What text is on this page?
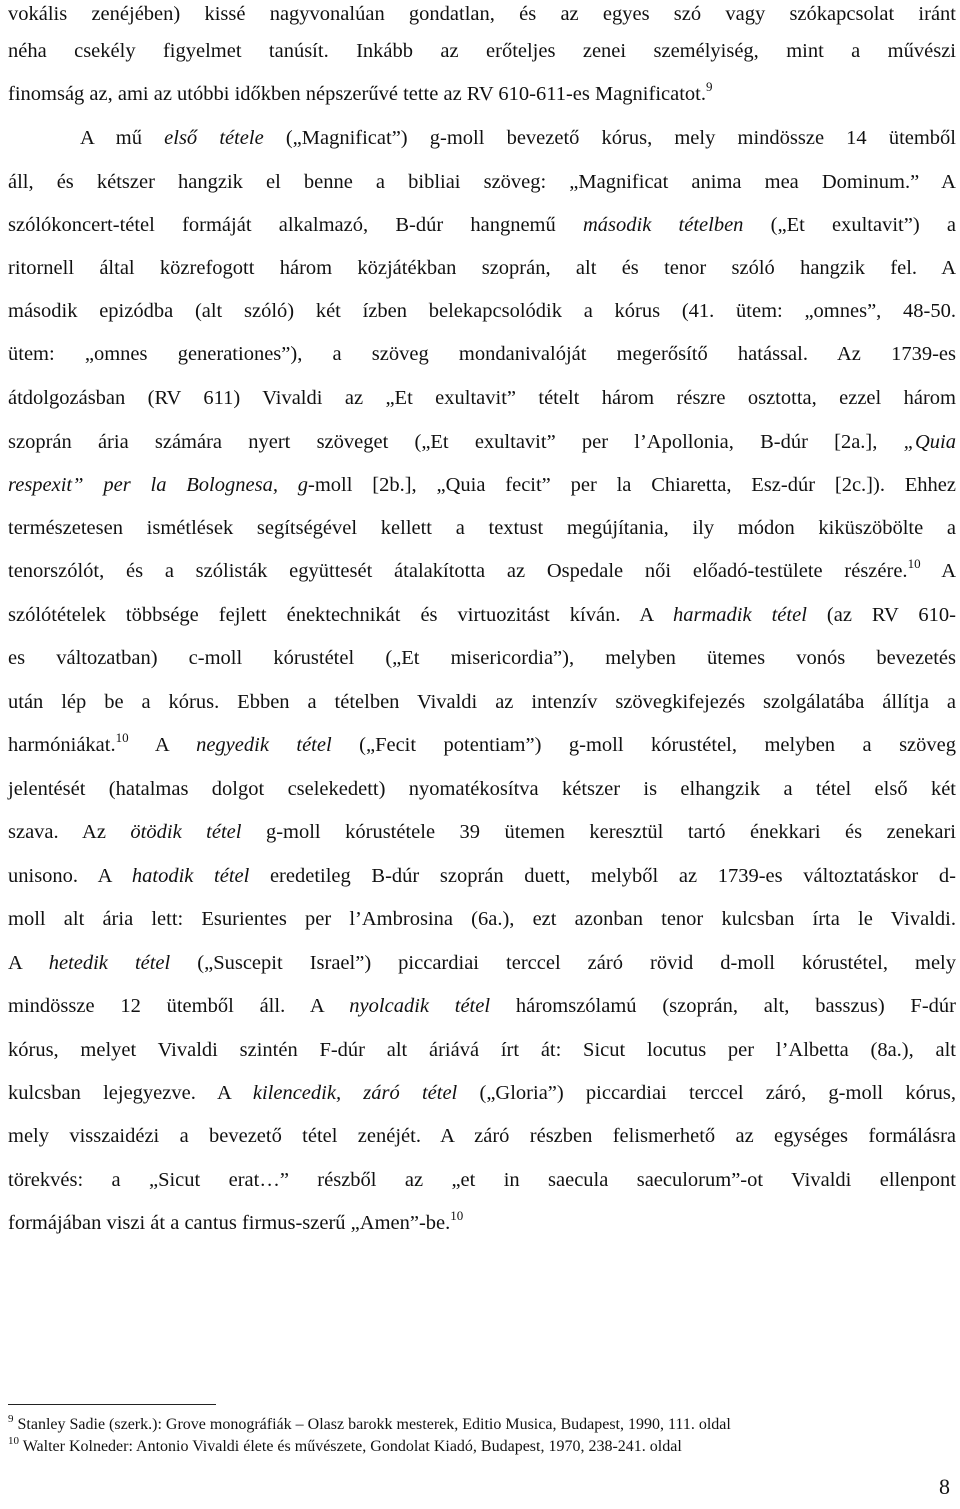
vokális zenéjében) kissé nagyvonalúan gondatlan, és az egyes szó vagy szókapcsolat iránt
néha csekély figyelmet tanúsít. Inkább az erőteljes zenei személyiség, mint a művészi
finomság az, ami az utóbbi időkben népszerűvé tette az RV 610-611-es Magnificatot.$^9$
A mű első tétele („Magnificat”) g-moll bevezető kórus, mely mindössze 14 ütemből
áll, és kétszer hangzik el benne a bibliai szöveg: „Magnificat anima mea Dominum.” A
szólókoncert-tétel formáját alkalmazó, B-dúr hangnemű második tételben („Et exultavit”) a
ritornell által közrefogott három közjátékban szoprán, alt és tenor szóló hangzik fel. A
második epizódba (alt szóló) két ízben belekapcsolódik a kórus (41. ütem: „omnes”, 48-50.
ütem: „omnes generationes”), a szöveg mondanivalóját megerősítő hatással. Az 1739-es
átdolgozásban (RV 611) Vivaldi az „Et exultavit” tételt három részre osztotta, ezzel három
szoprán ária számára nyert szöveget („Et exultavit” per l’Apollonia, B-dúr [2a.], „Quia
respexit” per la Bolognesa, g-moll [2b.], „Quia fecit” per la Chiaretta, Esz-dúr [2c.]). Ehhez
természetesen ismétlések segítségével kellett a textust megújítania, ily módon kiküszöbölte a
tenorszólót, és a szólisták együttesét átalakította az Ospedale női előadó-testülete részére.$^{10}$ A
szólótételek többsége fejlett énektechnikát és virtuozitást kíván. A harmadik tétel (az RV 610-
es változatban) c-moll kórustétel („Et misericordia”), melyben ütemes vonós bevezetés
után lép be a kórus. Ebben a tételben Vivaldi az intenzív szövegkifejezés szolgálatába állítja a
harmóniákat.$^{10}$ A negyedik tétel („Fecit potentiam”) g-moll kórustétel, melyben a szöveg
jelentését (hatalmas dolgot cselekedett) nyomatékosítva kétszer is elhangzik a tétel első két
szava. Az ötödik tétel g-moll kórustétele 39 ütemen keresztül tartó énekkari és zenekari
unisono. A hatodik tétel eredetileg B-dúr szoprán duett, melyből az 1739-es változtatáskor d-
moll alt ária lett: Esurientes per l’Ambrosina (6a.), ezt azonban tenor kulcsban írta le Vivaldi.
A hetedik tétel („Suscepit Israel”) piccardiai terccel záró rövid d-moll kórustétel, mely
mindössze 12 ütemből áll. A nyolcadik tétel háromszólamú (szoprán, alt, basszus) F-dúr
kórus, melyet Vivaldi szintén F-dúr alt áriává írt át: Sicut locutus per l’Albetta (8a.), alt
kulcsban lejegyezve. A kilencedik, záró tétel („Gloria”) piccardiai terccel záró, g-moll kórus,
mely visszaidézi a bevezető tétel zenéjét. A záró részben felismerhető az egységes formálásra
törekvés: a „Sicut erat…” részből az „et in saecula saeculorum”-ot Vivaldi ellenpont
formájában viszi át a cantus firmus-szerű „Amen”-be.$^{10}$
$^9$ Stanley Sadie (szerk.): Grove monográfiák – Olasz barokk mesterek, Editio Musica, Budapest, 1990, 111. oldal
$^{10}$ Walter Kolneder: Antonio Vivaldi élete és művészete, Gondolat Kiadó, Budapest, 1970, 238-241. oldal
8
